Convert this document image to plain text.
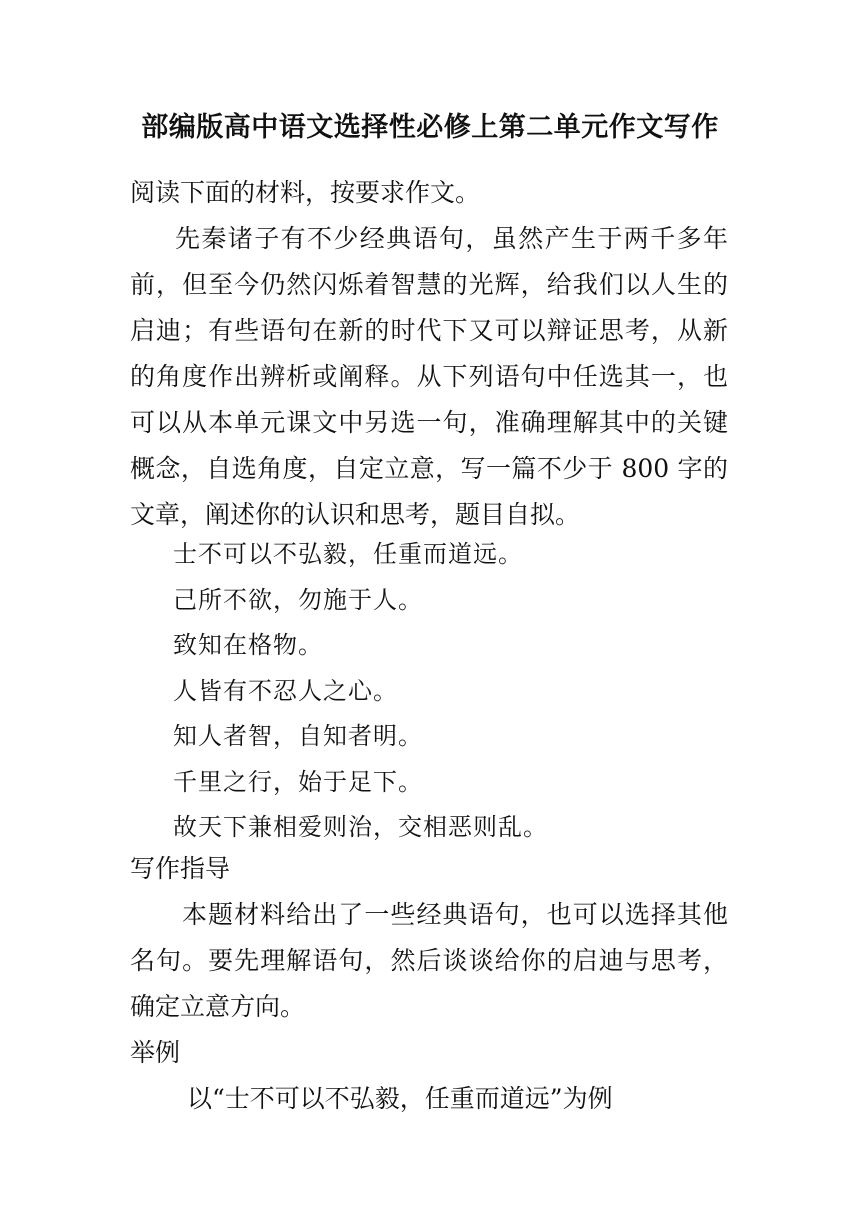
部编版高中语文选择性必修上第二单元作文写作

阅读下面的材料，按要求作文。

先秦诸子有不少经典语句，虽然产生于两千多年
前，但至今仍然闪烁着智慧的光辉，给我们以人生的
启迪；有些语句在新的时代下又可以辩证思考，从新
的角度作出辨析或阐释。从下列语句中任选其一，也
可以从本单元课文中另选一句，准确理解其中的关键
概念，自选角度，自定立意，写一篇不少于 800 字的
文章，阐述你的认识和思考，题目自拟。

士不可以不弘毅，任重而道远。

己所不欲，勿施于人。

致知在格物。

人皆有不忍人之心。

知人者智，自知者明。

千里之行，始于足下。

故天下兼相爱则治，交相恶则乱。

写作指导

本题材料给出了一些经典语句，也可以选择其他
名句。要先理解语句，然后谈谈给你的启迪与思考，
确定立意方向。

举例

以“士不可以不弘毅，任重而道远”为例
